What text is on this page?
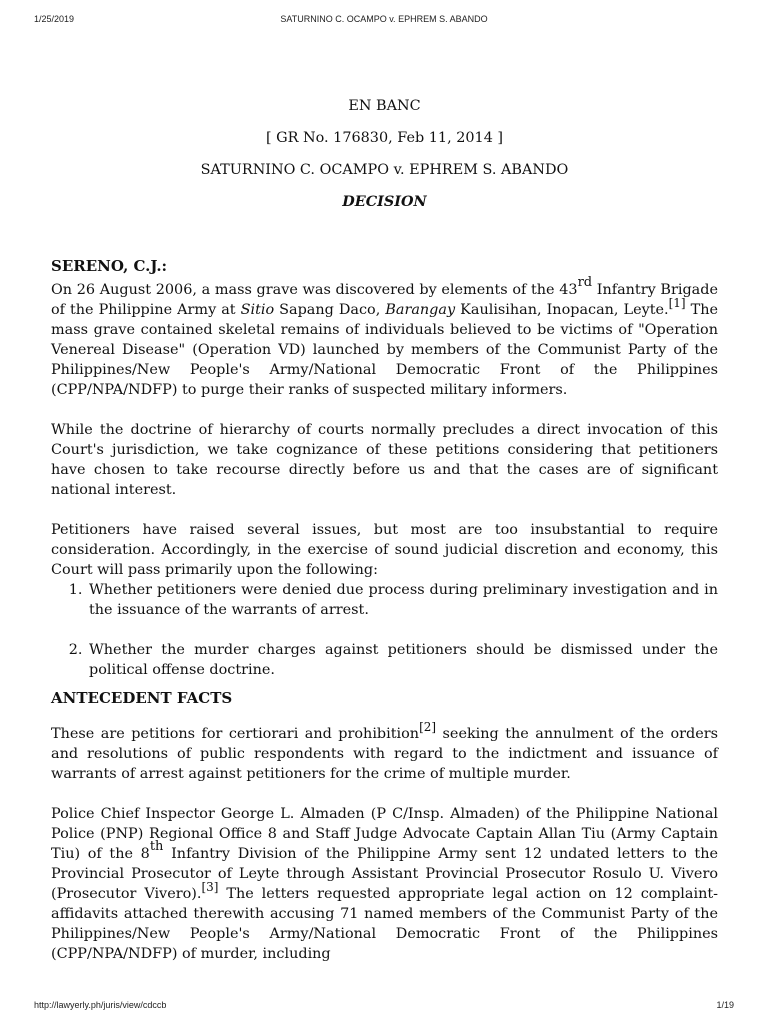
1/25/2019	SATURNINO C. OCAMPO v. EPHREM S. ABANDO
EN BANC
[ GR No. 176830, Feb 11, 2014 ]
SATURNINO C. OCAMPO v. EPHREM S. ABANDO
DECISION
SERENO, C.J.:

On 26 August 2006, a mass grave was discovered by elements of the 43rd Infantry Brigade of the Philippine Army at Sitio Sapang Daco, Barangay Kaulisihan, Inopacan, Leyte.[1] The mass grave contained skeletal remains of individuals believed to be victims of "Operation Venereal Disease" (Operation VD) launched by members of the Communist Party of the Philippines/New People's Army/National Democratic Front of the Philippines (CPP/NPA/NDFP) to purge their ranks of suspected military informers.

While the doctrine of hierarchy of courts normally precludes a direct invocation of this Court's jurisdiction, we take cognizance of these petitions considering that petitioners have chosen to take recourse directly before us and that the cases are of significant national interest.

Petitioners have raised several issues, but most are too insubstantial to require consideration. Accordingly, in the exercise of sound judicial discretion and economy, this Court will pass primarily upon the following:

1. Whether petitioners were denied due process during preliminary investigation and in the issuance of the warrants of arrest.
2. Whether the murder charges against petitioners should be dismissed under the political offense doctrine.
ANTECEDENT FACTS

These are petitions for certiorari and prohibition[2] seeking the annulment of the orders and resolutions of public respondents with regard to the indictment and issuance of warrants of arrest against petitioners for the crime of multiple murder.

Police Chief Inspector George L. Almaden (P C/Insp. Almaden) of the Philippine National Police (PNP) Regional Office 8 and Staff Judge Advocate Captain Allan Tiu (Army Captain Tiu) of the 8th Infantry Division of the Philippine Army sent 12 undated letters to the Provincial Prosecutor of Leyte through Assistant Provincial Prosecutor Rosulo U. Vivero (Prosecutor Vivero).[3] The letters requested appropriate legal action on 12 complaint-affidavits attached therewith accusing 71 named members of the Communist Party of the Philippines/New People's Army/National Democratic Front of the Philippines (CPP/NPA/NDFP) of murder, including

http://lawyerly.ph/juris/view/cdccb	1/19
